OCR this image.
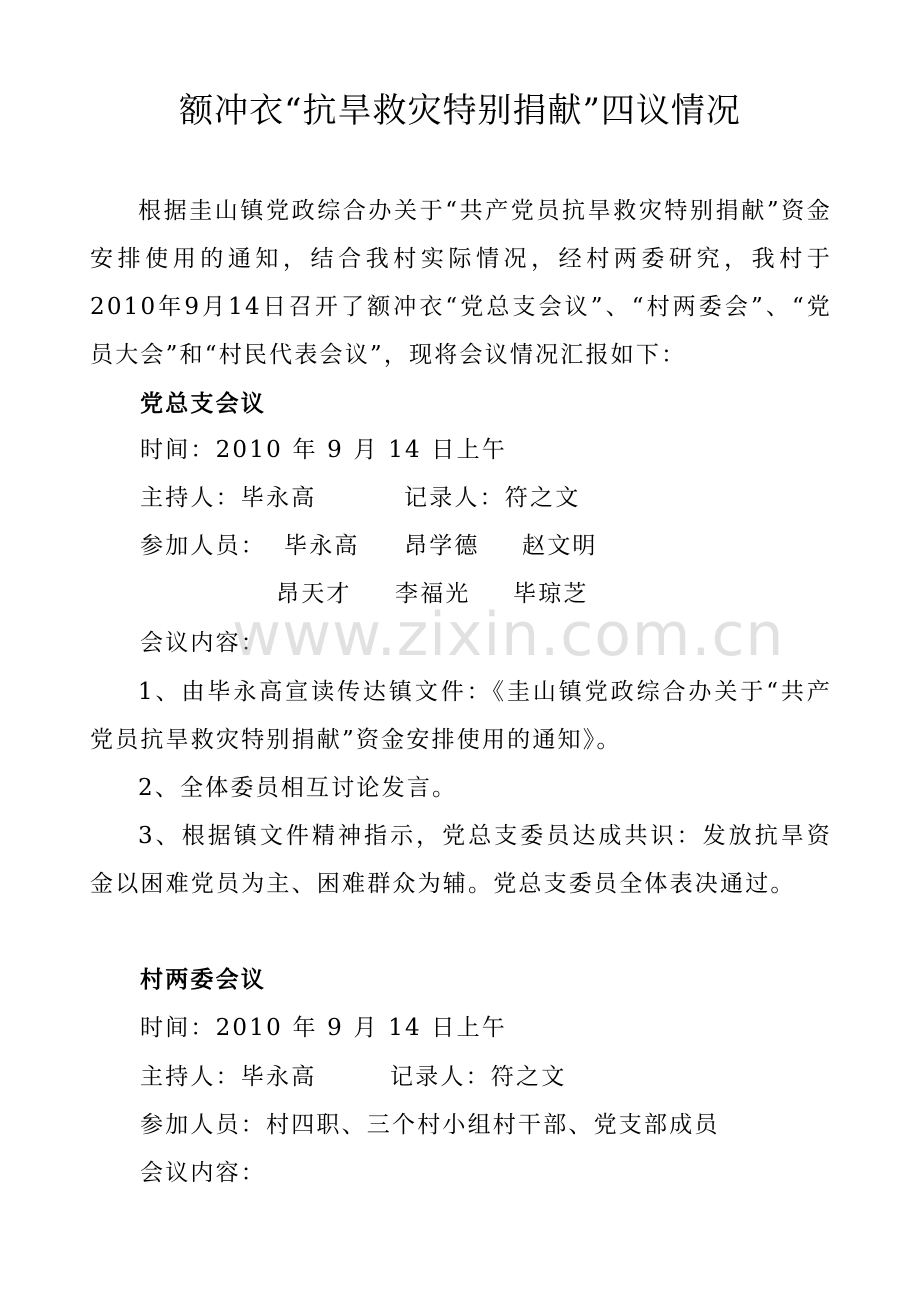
额冲衣“抗旱救灾特别捐献”四议情况

根据圭山镇党政综合办关于“共产党员抗旱救灾特别捐献”资金安排使用的通知，结合我村实际情况，经村两委研究，我村于2010年9月14日召开了额冲衣“党总支会议”、“村两委会”、“党员大会”和“村民代表会议”，现将会议情况汇报如下：

党总支会议
时间：2010 年 9 月 14 日上午
主持人：毕永高	记录人：符之文
参加人员： 毕永高 昂学德 赵文明
昂天才 李福光 毕琼芝
会议内容：

1、由毕永高宣读传达镇文件：《圭山镇党政综合办关于“共产党员抗旱救灾特别捐献”资金安排使用的通知》。

2、全体委员相互讨论发言。

3、根据镇文件精神指示，党总支委员达成共识：发放抗旱资金以困难党员为主、困难群众为辅。党总支委员全体表决通过。

村两委会议
时间：2010 年 9 月 14 日上午
主持人：毕永高	记录人：符之文
参加人员：村四职、三个村小组村干部、党支部成员
会议内容：
www.zixin.com.cn
